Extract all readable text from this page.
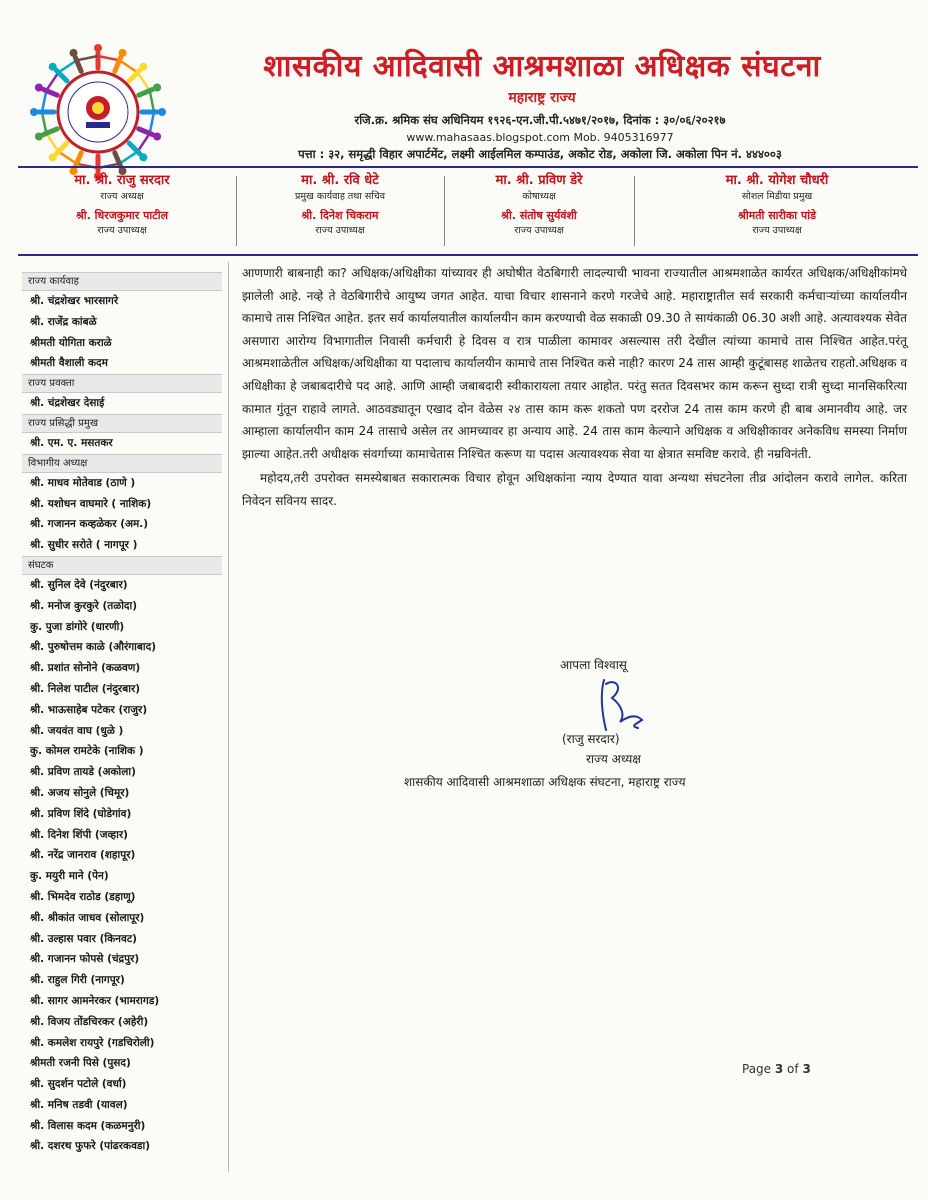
शासकीय आदिवासी आश्रमशाळा अधिक्षक संघटना
महाराष्ट्र राज्य
रजि.क्र. श्रमिक संघ अधिनियम १९२६-एन.जी.पी.५४७१/२०१७, दिनांक : ३०/०६/२०२१७
www.mahasaas.blogspot.com Mob. 9405316977
पत्ता : ३२, समृद्धी विहार अपार्टमेंट, लक्ष्मी आईलमिल कम्पाउंड, अकोट रोड, अकोला जि. अकोला पिन नं. ४४४००३
मा. श्री. राजु सरदार
राज्य अध्यक्ष
श्री. धिरजकुमार पाटील
राज्य उपाध्यक्ष
मा. श्री. रवि धेटे
प्रमुख कार्यवाह तथा सचिव
श्री. दिनेश चिकराम
राज्य उपाध्यक्ष
मा. श्री. प्रविण डेरे
कोषाध्यक्ष
श्री. संतोष सुर्यवंशी
राज्य उपाध्यक्ष
मा. श्री. योगेश चौधरी
सोशल मिडीया प्रमुख
श्रीमती सारीका पांडे
राज्य उपाध्यक्ष
राज्य कार्यवाह
श्री. चंद्रशेखर भारसागरे
श्री. राजेंद्र कांबळे
श्रीमती योगिता कराळे
श्रीमती वैशाली कदम
राज्य प्रवक्ता
श्री. चंद्रशेखर देसाई
राज्य प्रसिद्धी प्रमुख
श्री. एम. ए. मसतकर
विभागीय अध्यक्ष
श्री. माधव मोतेवाड (ठाणे )
श्री. यशोधन वाघमारे ( नाशिक)
श्री. गजानन कव्हळेकर (अम.)
श्री. सुधीर सरोते ( नागपूर )
संघटक
श्री. सुनिल देवे (नंदुरबार)
श्री. मनोज कुरकुरे (तळोदा)
कु. पुजा डांगोरे (धारणी)
श्री. पुरुषोत्तम काळे (औरंगाबाद)
श्री. प्रशांत सोनोने (कळवण)
श्री. निलेश पाटील (नंदुरबार)
श्री. भाऊसाहेब पटेकर (राजुर)
श्री. जयवंत वाघ (धुळे )
कु. कोमल रामटेके (नाशिक )
श्री. प्रविण तायडे (अकोला)
श्री. अजय सोनुले (चिमूर)
श्री. प्रविण शिंदे (घोडेगांव)
श्री. दिनेश शिंपी (जव्हार)
श्री. नरेंद्र जानराव (शहापूर)
कु. मयुरी माने (पेन)
श्री. भिमदेव राठोड (डहाणू)
श्री. श्रीकांत जाधव (सोलापूर)
श्री. उल्हास पवार (किनवट)
श्री. गजानन फोपसे (चंद्रपुर)
श्री. राहुल गिरी (नागपूर)
श्री. सागर आमनेरकर (भामरागड)
श्री. विजय तोंडचिरकर (अहेरी)
श्री. कमलेश रायपुरे (गडचिरोली)
श्रीमती रजनी पिसे (पुसद)
श्री. सुदर्शन पटोले (वर्धा)
श्री. मनिष तडवी (यावल)
श्री. विलास कदम (कळमनुरी)
श्री. दशरथ फुफरे (पांढरकवडा)

आणणारी बाबनाही का? अधिक्षक/अधिक्षीका यांच्यावर ही अघोषीत वेठबिगारी लादल्याची भावना राज्यातील आश्रमशाळेत कार्यरत अधिक्षक/अधिक्षीकांमधे झालेली आहे. नव्हे ते वेठबिगारीचे आयुष्य जगत आहेत. याचा विचार शासनाने करणे गरजेचे आहे. महाराष्ट्रातील सर्व सरकारी कर्मचाऱ्यांच्या कार्यालयीन कामाचे तास निश्चित आहेत. इतर सर्व कार्यालयातील कार्यालयीन काम करण्याची वेळ सकाळी 09.30 ते सायंकाळी 06.30 अशी आहे. अत्यावश्यक सेवेत असणारा आरोग्य विभागातील निवासी कर्मचारी हे दिवस व रात्र पाळीला कामावर असल्यास तरी देखील त्यांच्या कामाचे तास निश्चित आहेत.परंतू आश्रमशाळेतील अधिक्षक/अधिक्षीका या पदालाच कार्यालयीन कामाचे तास निश्चित कसे नाही? कारण 24 तास आम्ही कुटूंबासह शाळेतच राहतो.अधिक्षक व अधिक्षीका हे जबाबदारीचे पद आहे. आणि आम्ही जबाबदारी स्वीकारायला तयार आहोत. परंतु सतत दिवसभर काम करून सुध्दा रात्री सुध्दा मानसिकरित्या कामात गुंतून राहावे लागते. आठवड्यातून एखाद दोन वेळेस २४ तास काम करू शकतो पण दररोज 24 तास काम करणे ही बाब अमानवीय आहे. जर आम्हाला कार्यालयीन काम 24 तासाचे असेल तर आमच्यावर हा अन्याय आहे. 24 तास काम केल्याने अधिक्षक व अधिक्षीकावर अनेकविध समस्या निर्माण झाल्या आहेत.तरी अधीक्षक संवर्गाच्या कामाचेतास निश्चित करूण या पदास अत्यावश्यक सेवा या क्षेत्रात समविष्ट करावे. ही नम्रविनंती.

महोदय,तरी उपरोक्त समस्येबाबत सकारात्मक विचार होवून अधिक्षकांना न्याय देण्यात यावा अन्यथा संघटनेला तीव्र आंदोलन करावे लागेल. करिता निवेदन सविनय सादर.

आपला विश्वासू
(राजु सरदार)
राज्य अध्यक्ष
शासकीय आदिवासी आश्रमशाळा अधिक्षक संघटना, महाराष्ट्र राज्य
Page 3 of 3
